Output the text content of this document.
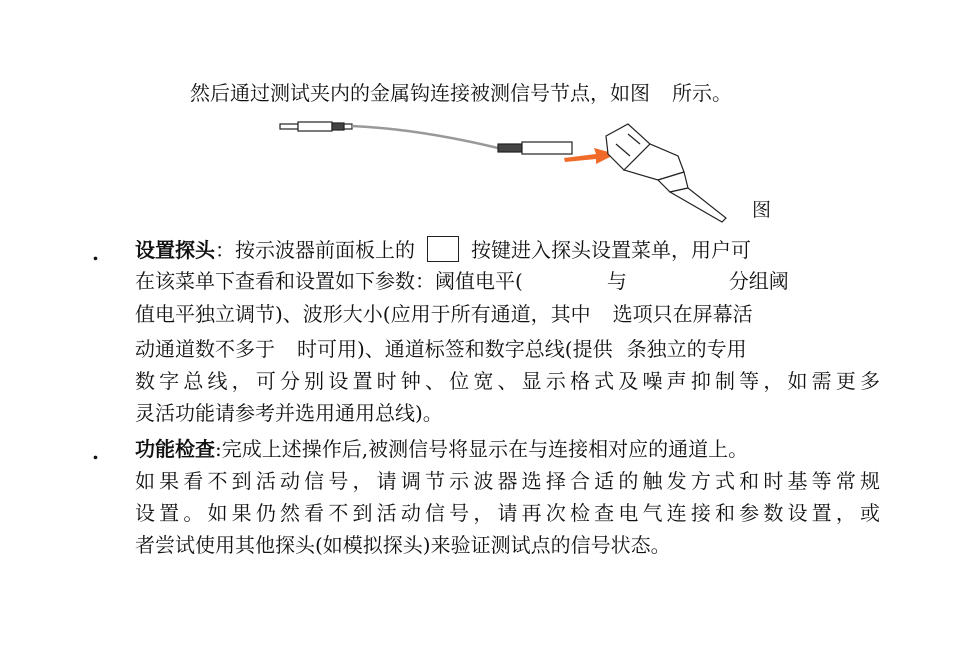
然后通过测试夹内的金属钩连接被测信号节点，如图 所示。
图
. 设置探头：按示波器前面板上的	按键进入探头设置菜单，用户可
在该菜单下查看和设置如下参数：阈值电平(	与	分组阈
值电平独立调节)、波形大小(应用于所有通道，其中 选项只在屏幕活
动通道数不多于 时可用)、通道标签和数字总线(提供 条独立的专用
数字总线，可分别设置时钟、位宽、显示格式及噪声抑制等，如需更多
灵活功能请参考并选用通用总线)。
. 功能检查:完成上述操作后,被测信号将显示在与连接相对应的通道上。
如果看不到活动信号，请调节示波器选择合适的触发方式和时基等常规
设置。如果仍然看不到活动信号，请再次检查电气连接和参数设置，或
者尝试使用其他探头(如模拟探头)来验证测试点的信号状态。
